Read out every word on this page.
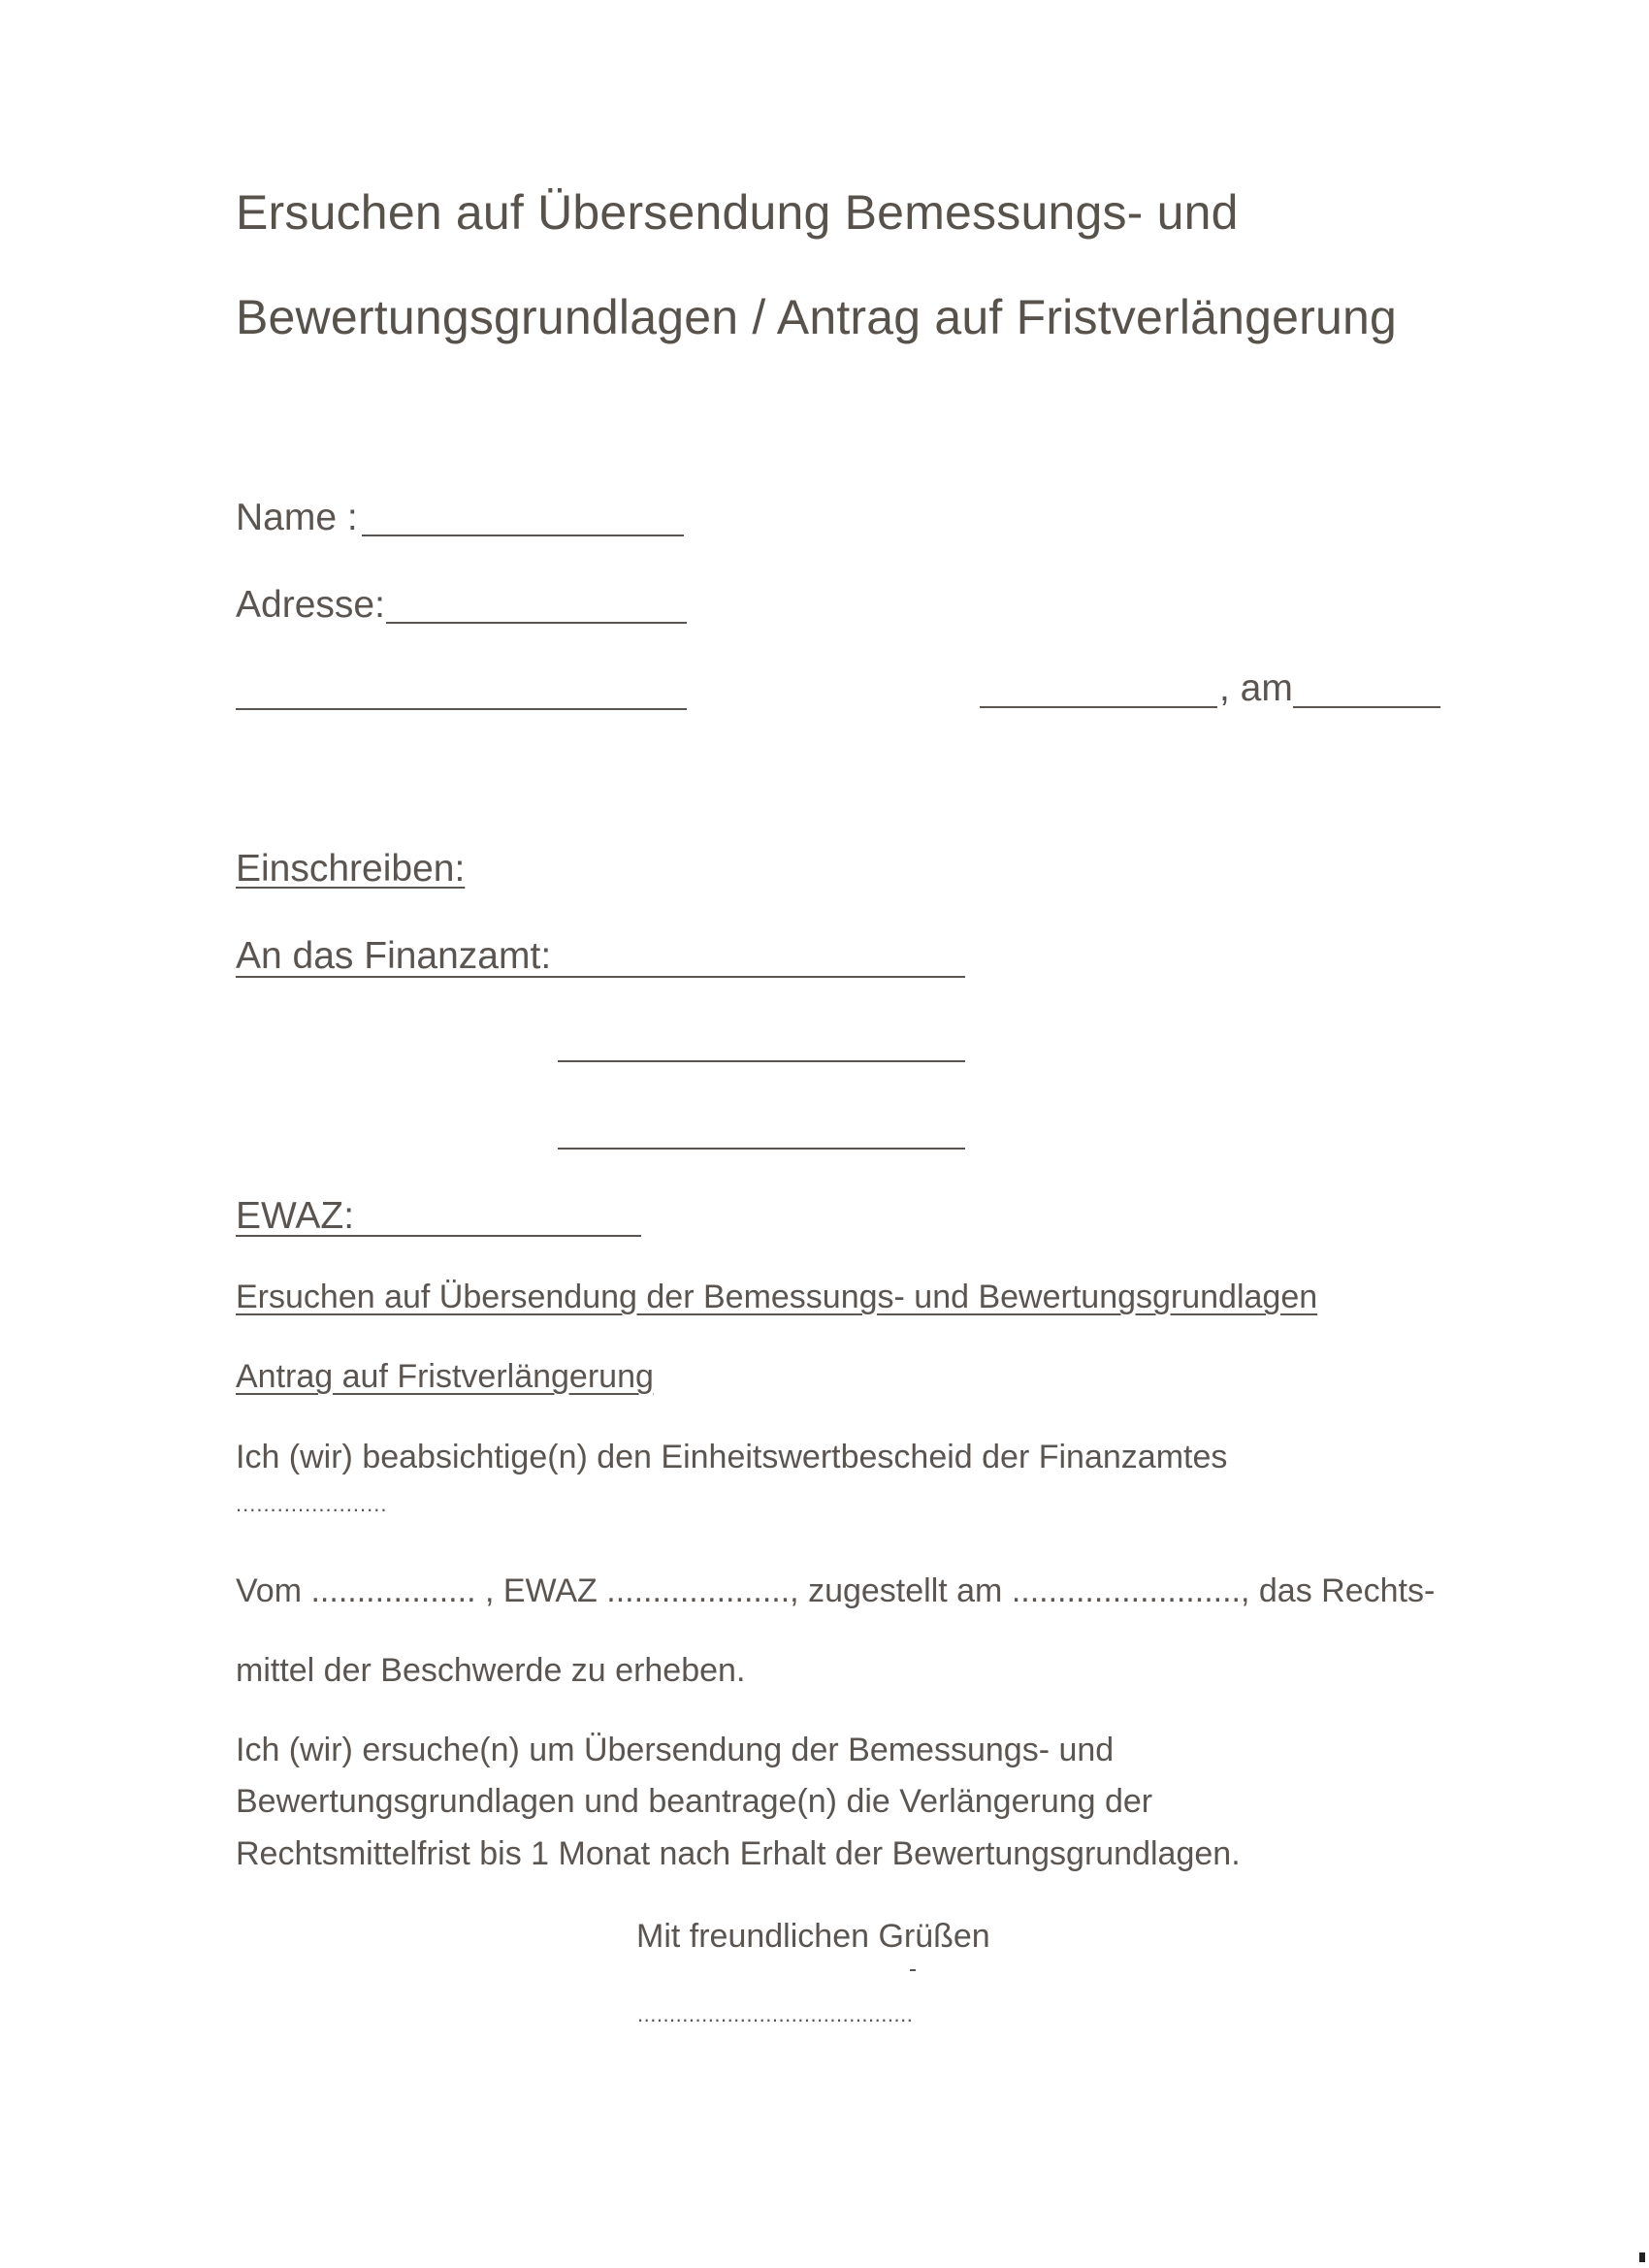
Ersuchen auf Übersendung Bemessungs- und
Bewertungsgrundlagen / Antrag auf Fristverlängerung
Name :
Adresse:
, am
Einschreiben:
An das Finanzamt:
EWAZ:
Ersuchen auf Übersendung der Bemessungs- und Bewertungsgrundlagen
Antrag auf Fristverlängerung
Ich (wir) beabsichtige(n) den Einheitswertbescheid der Finanzamtes
......................
Vom .................. , EWAZ ...................., zugestellt am ........................., das Rechts-
mittel der Beschwerde zu erheben.
Ich (wir) ersuche(n) um Übersendung der Bemessungs- und
Bewertungsgrundlagen und beantrage(n) die Verlängerung der
Rechtsmittelfrist bis 1 Monat nach Erhalt der Bewertungsgrundlagen.
Mit freundlichen Grüßen
...........................................
